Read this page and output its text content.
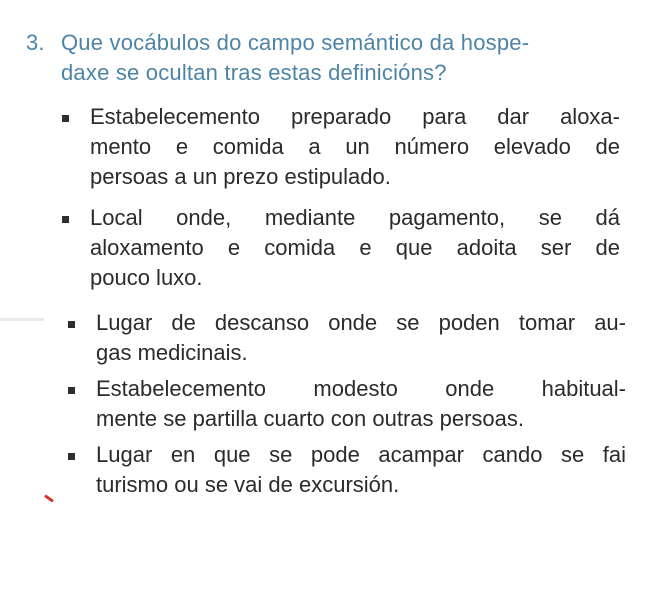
3. Que vocábulos do campo semántico da hospe-
daxe se ocultan tras estas definicións?
Estabelecemento preparado para dar aloxa-
mento e comida a un número elevado de
persoas a un prezo estipulado.
Local onde, mediante pagamento, se dá
aloxamento e comida e que adoita ser de
pouco luxo.
Lugar de descanso onde se poden tomar au-
gas medicinais.
Estabelecemento modesto onde habitual-
mente se partilla cuarto con outras persoas.
Lugar en que se pode acampar cando se fai
turismo ou se vai de excursión.
